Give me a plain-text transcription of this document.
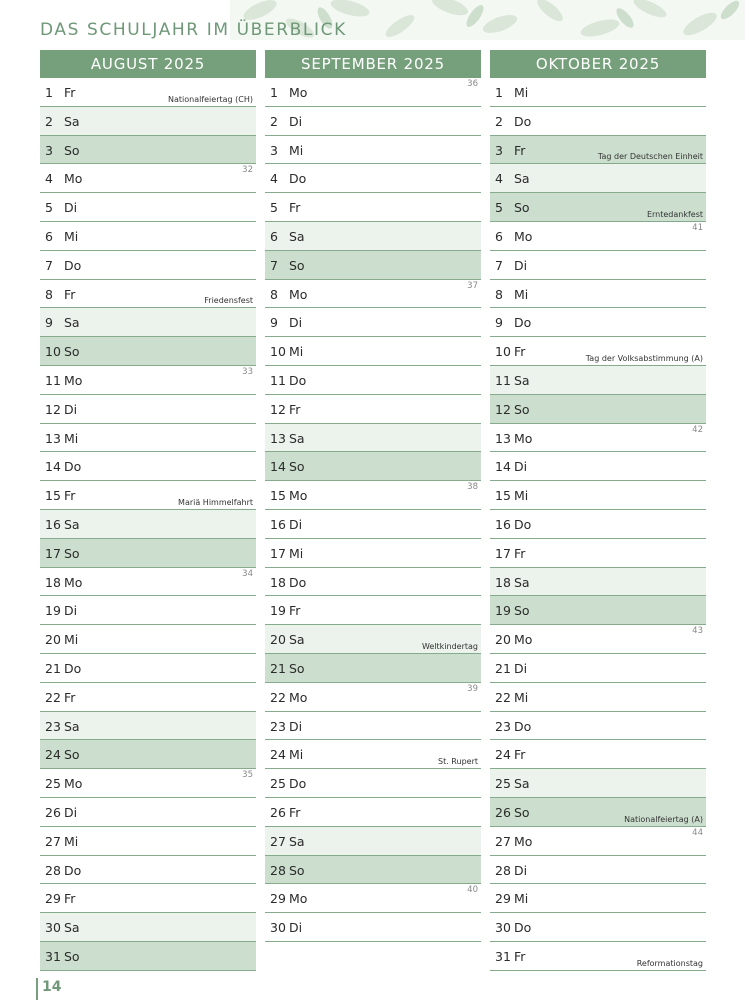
DAS SCHULJAHR IM ÜBERBLICK
AUGUST 2025
1 Fr	Nationalfeiertag (CH)
2 Sa
3 So
4 Mo
32
5 Di
6 Mi
7 Do
8 Fr	Friedensfest
9 Sa
10 So
11 Mo
33
12 Di
13 Mi
14 Do
15 Fr	Mariä Himmelfahrt
16 Sa
17 So
18 Mo
34
19 Di
20 Mi
21 Do
22 Fr
23 Sa
24 So
25 Mo
35
26 Di
27 Mi
28 Do
29 Fr
30 Sa
31 So
SEPTEMBER 2025
1 Mo
36
2 Di
3 Mi
4 Do
5 Fr
6 Sa
7 So
8 Mo
37
9 Di
10 Mi
11 Do
12 Fr
13 Sa
14 So
15 Mo
38
16 Di
17 Mi
18 Do
19 Fr
20 Sa	Weltkindertag
21 So
22 Mo
39
23 Di
24 Mi	St. Rupert
25 Do
26 Fr
27 Sa
28 So
29 Mo
40
30 Di
OKTOBER 2025
1 Mi
2 Do
3 Fr	Tag der Deutschen Einheit
4 Sa
5 So	Erntedankfest
6 Mo
41
7 Di
8 Mi
9 Do
10 Fr	Tag der Volksabstimmung (A)
11 Sa
12 So
13 Mo
42
14 Di
15 Mi
16 Do
17 Fr
18 Sa
19 So
20 Mo
43
21 Di
22 Mi
23 Do
24 Fr
25 Sa
26 So	Nationalfeiertag (A)
27 Mo
44
28 Di
29 Mi
30 Do
31 Fr	Reformationstag
14
